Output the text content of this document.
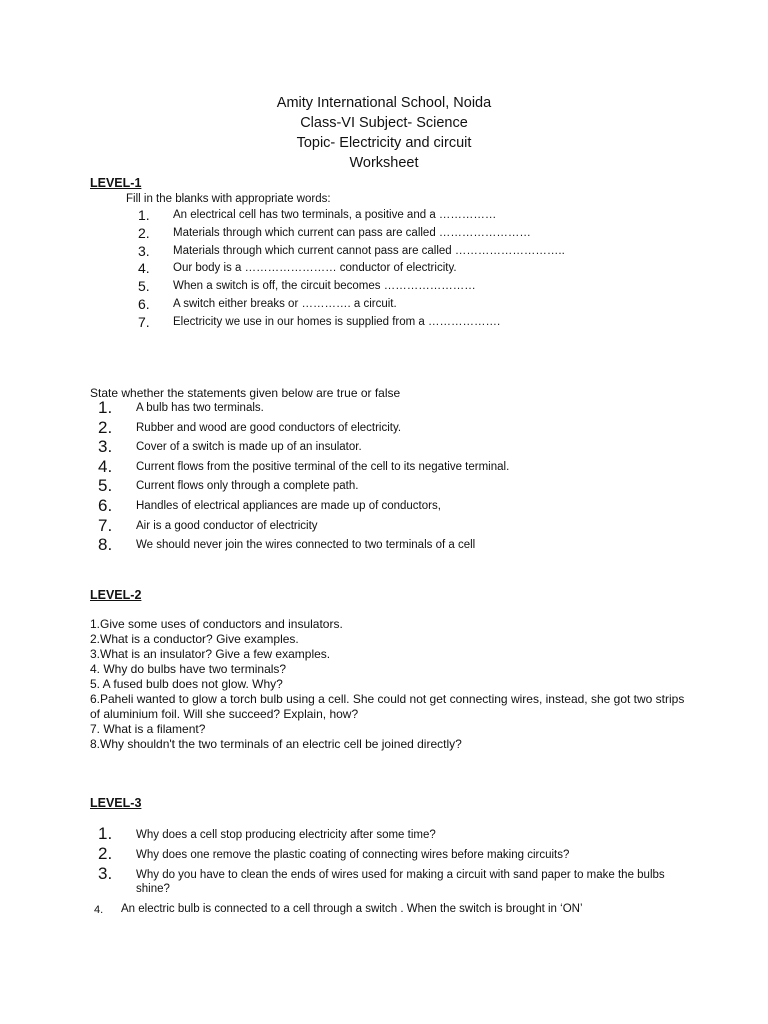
Amity International School, Noida
Class-VI Subject- Science
Topic- Electricity and circuit
Worksheet
LEVEL-1
Fill in the blanks with appropriate words:
1. An electrical cell has two terminals, a positive and a ……………
2. Materials through which current can pass are called ……………………
3. Materials through which current cannot pass are called ………………………..
4. Our body is a …………………… conductor of electricity.
5. When a switch is off, the circuit becomes ……………………
6. A switch either breaks or …………. a circuit.
7. Electricity we use in our homes is supplied from a ……………….
State whether the statements given below are true or false
1. A bulb has two terminals.
2. Rubber and wood are good conductors of electricity.
3. Cover of a switch is made up of an insulator.
4. Current flows from the positive terminal of the cell to its negative terminal.
5. Current flows only through a complete path.
6. Handles of electrical appliances are made up of conductors,
7. Air is a good conductor of electricity
8. We should never join the wires connected to two terminals of a cell
LEVEL-2
1.Give some uses of conductors and insulators.
2.What is a conductor? Give examples.
3.What is an insulator? Give a few examples.
4. Why do bulbs have two terminals?
5. A fused bulb does not glow. Why?
6.Paheli wanted to glow a torch bulb using a cell. She could not get connecting wires, instead, she got two strips of aluminium foil. Will she succeed? Explain, how?
7. What is a filament?
8.Why shouldn't the two terminals of an electric cell be joined directly?
LEVEL-3
1. Why does a cell stop producing electricity after some time?
2. Why does one remove the plastic coating of connecting wires before making circuits?
3. Why do you have to clean the ends of wires used for making a circuit with sand paper to make the bulbs shine?
4. An electric bulb is connected to a cell through a switch . When the switch is brought in ‘ON’
